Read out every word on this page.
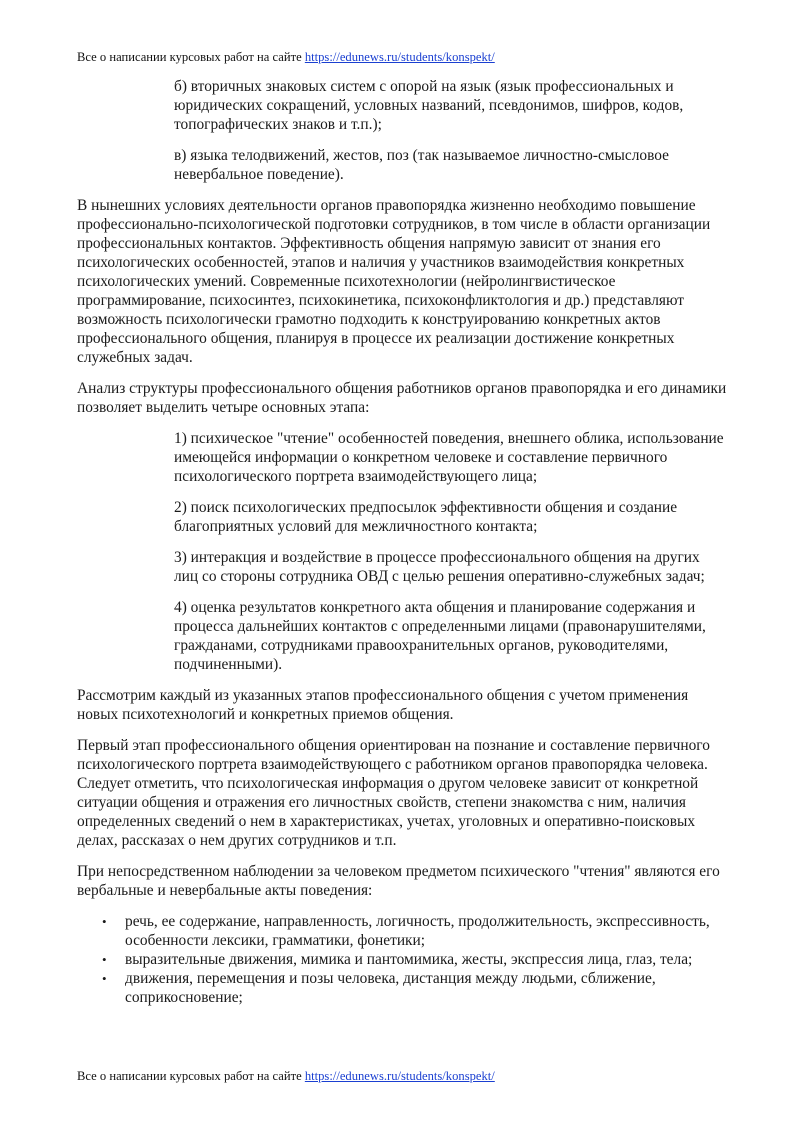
Все о написании курсовых работ на сайте https://edunews.ru/students/konspekt/

б) вторичных знаковых систем с опорой на язык (язык профессиональных и юридических сокращений, условных названий, псевдонимов, шифров, кодов, топографических знаков и т.п.);

в) языка телодвижений, жестов, поз (так называемое личностно-смысловое невербальное поведение).

В нынешних условиях деятельности органов правопорядка жизненно необходимо повышение профессионально-психологической подготовки сотрудников, в том числе в области организации профессиональных контактов. Эффективность общения напрямую зависит от знания его психологических особенностей, этапов и наличия у участников взаимодействия конкретных психологических умений. Современные психотехнологии (нейролингвистическое программирование, психосинтез, психокинетика, психоконфликтология и др.) представляют возможность психологически грамотно подходить к конструированию конкретных актов профессионального общения, планируя в процессе их реализации достижение конкретных служебных задач.

Анализ структуры профессионального общения работников органов правопорядка и его динамики позволяет выделить четыре основных этапа:

1) психическое "чтение" особенностей поведения, внешнего облика, использование имеющейся информации о конкретном человеке и составление первичного психологического портрета взаимодействующего лица;

2) поиск психологических предпосылок эффективности общения и создание благоприятных условий для межличностного контакта;

3) интеракция и воздействие в процессе профессионального общения на других лиц со стороны сотрудника ОВД с целью решения оперативно-служебных задач;

4) оценка результатов конкретного акта общения и планирование содержания и процесса дальнейших контактов с определенными лицами (правонарушителями, гражданами, сотрудниками правоохранительных органов, руководителями, подчиненными).

Рассмотрим каждый из указанных этапов профессионального общения с учетом применения новых психотехнологий и конкретных приемов общения.

Первый этап профессионального общения ориентирован на познание и составление первичного психологического портрета взаимодействующего с работником органов правопорядка человека. Следует отметить, что психологическая информация о другом человеке зависит от конкретной ситуации общения и отражения его личностных свойств, степени знакомства с ним, наличия определенных сведений о нем в характеристиках, учетах, уголовных и оперативно-поисковых делах, рассказах о нем других сотрудников и т.п.

При непосредственном наблюдении за человеком предметом психического "чтения" являются его вербальные и невербальные акты поведения:

• речь, ее содержание, направленность, логичность, продолжительность, экспрессивность, особенности лексики, грамматики, фонетики;
• выразительные движения, мимика и пантомимика, жесты, экспрессия лица, глаз, тела;
• движения, перемещения и позы человека, дистанция между людьми, сближение, соприкосновение;
Все о написании курсовых работ на сайте https://edunews.ru/students/konspekt/
